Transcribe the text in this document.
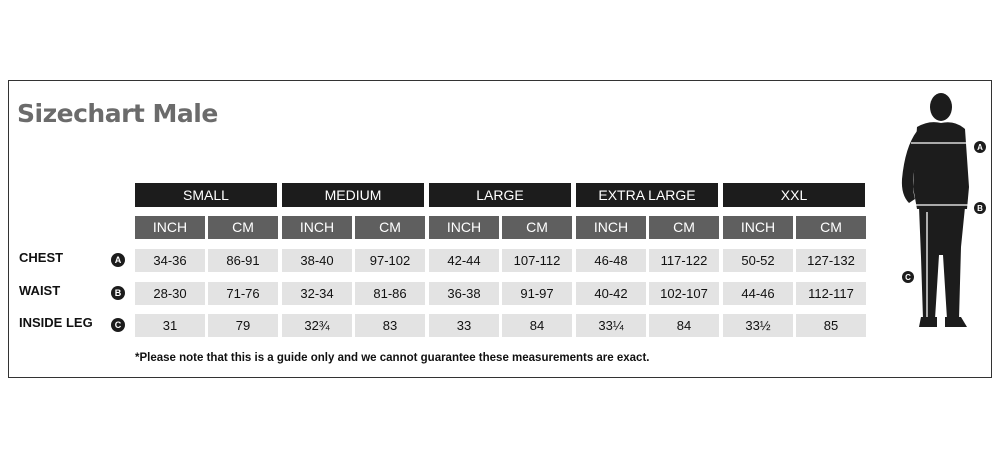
Sizechart Male
SMALL	MEDIUM	LARGE	EXTRA LARGE	XXL
INCH	CM	INCH	CM	INCH	CM	INCH	CM	INCH	CM
CHEST	A	34-36	86-91	38-40	97-102	42-44	107-112	46-48	117-122	50-52	127-132
WAIST	B	28-30	71-76	32-34	81-86	36-38	91-97	40-42	102-107	44-46	112-117
INSIDE LEG	C	31	79	32¾	83	33	84	33¼	84	33½	85
*Please note that this is a guide only and we cannot guarantee these measurements are exact.
A
B
C
